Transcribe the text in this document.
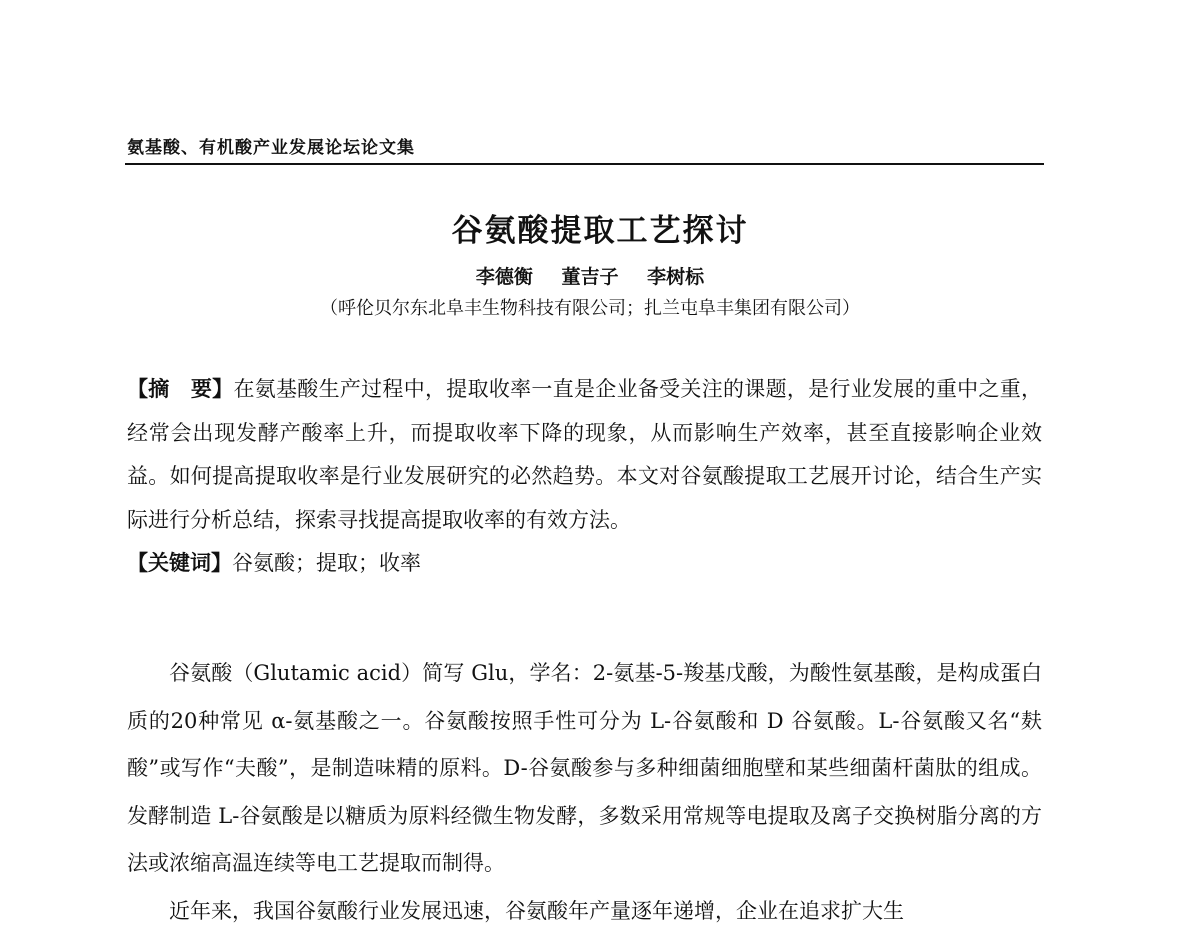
氨基酸、有机酸产业发展论坛论文集
谷氨酸提取工艺探讨
李德衡 董吉子 李树标
（呼伦贝尔东北阜丰生物科技有限公司；扎兰屯阜丰集团有限公司）
【摘　要】在氨基酸生产过程中，提取收率一直是企业备受关注的课题，是行业发展的重中之重，经常会出现发酵产酸率上升，而提取收率下降的现象，从而影响生产效率，甚至直接影响企业效益。如何提高提取收率是行业发展研究的必然趋势。本文对谷氨酸提取工艺展开讨论，结合生产实际进行分析总结，探索寻找提高提取收率的有效方法。
【关键词】谷氨酸；提取；收率

谷氨酸（Glutamic acid）简写 Glu，学名：2-氨基-5-羧基戊酸，为酸性氨基酸，是构成蛋白质的20种常见 α-氨基酸之一。谷氨酸按照手性可分为 L-谷氨酸和 D 谷氨酸。L-谷氨酸又名“麸酸”或写作“夫酸”，是制造味精的原料。D-谷氨酸参与多种细菌细胞壁和某些细菌杆菌肽的组成。发酵制造 L-谷氨酸是以糖质为原料经微生物发酵，多数采用常规等电提取及离子交换树脂分离的方法或浓缩高温连续等电工艺提取而制得。

近年来，我国谷氨酸行业发展迅速，谷氨酸年产量逐年递增，企业在追求扩大生
